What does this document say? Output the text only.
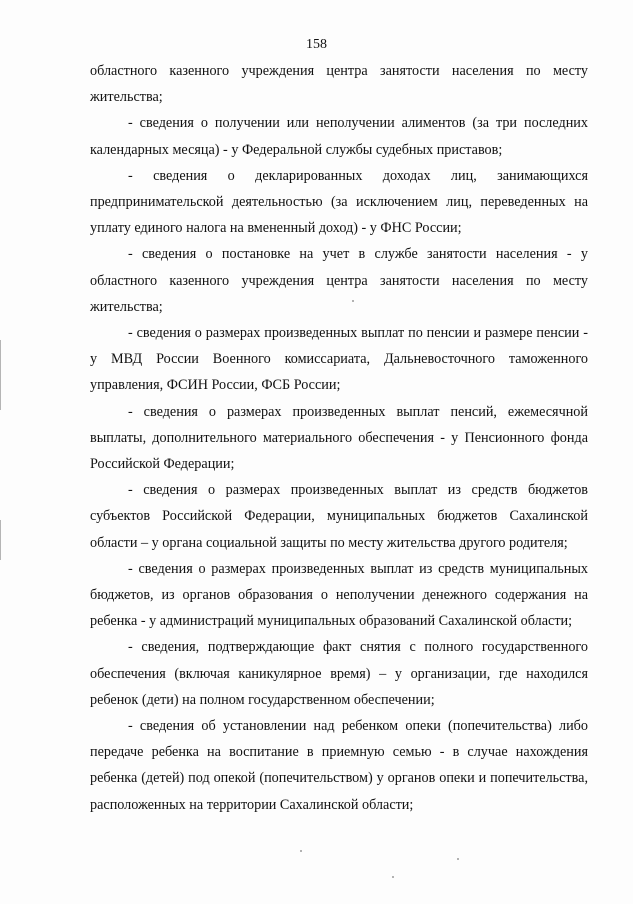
158

областного казенного учреждения центра занятости населения по месту жительства;

- сведения о получении или неполучении алиментов (за три последних календарных месяца) - у Федеральной службы судебных приставов;

- сведения о декларированных доходах лиц, занимающихся предпринимательской деятельностью (за исключением лиц, переведенных на уплату единого налога на вмененный доход) - у ФНС России;

- сведения о постановке на учет в службе занятости населения - у областного казенного учреждения центра занятости населения по месту жительства;

- сведения о размерах произведенных выплат по пенсии и размере пенсии - у МВД России Военного комиссариата, Дальневосточного таможенного управления, ФСИН России, ФСБ России;

- сведения о размерах произведенных выплат пенсий, ежемесячной выплаты, дополнительного материального обеспечения - у Пенсионного фонда Российской Федерации;

- сведения о размерах произведенных выплат из средств бюджетов субъектов Российской Федерации, муниципальных бюджетов Сахалинской области – у органа социальной защиты по месту жительства другого родителя;

- сведения о размерах произведенных выплат из средств муниципальных бюджетов, из органов образования о неполучении денежного содержания на ребенка - у администраций муниципальных образований Сахалинской области;

- сведения, подтверждающие факт снятия с полного государственного обеспечения (включая каникулярное время) – у организации, где находился ребенок (дети) на полном государственном обеспечении;

- сведения об установлении над ребенком опеки (попечительства) либо передаче ребенка на воспитание в приемную семью - в случае нахождения ребенка (детей) под опекой (попечительством) у органов опеки и попечительства, расположенных на территории Сахалинской области;
